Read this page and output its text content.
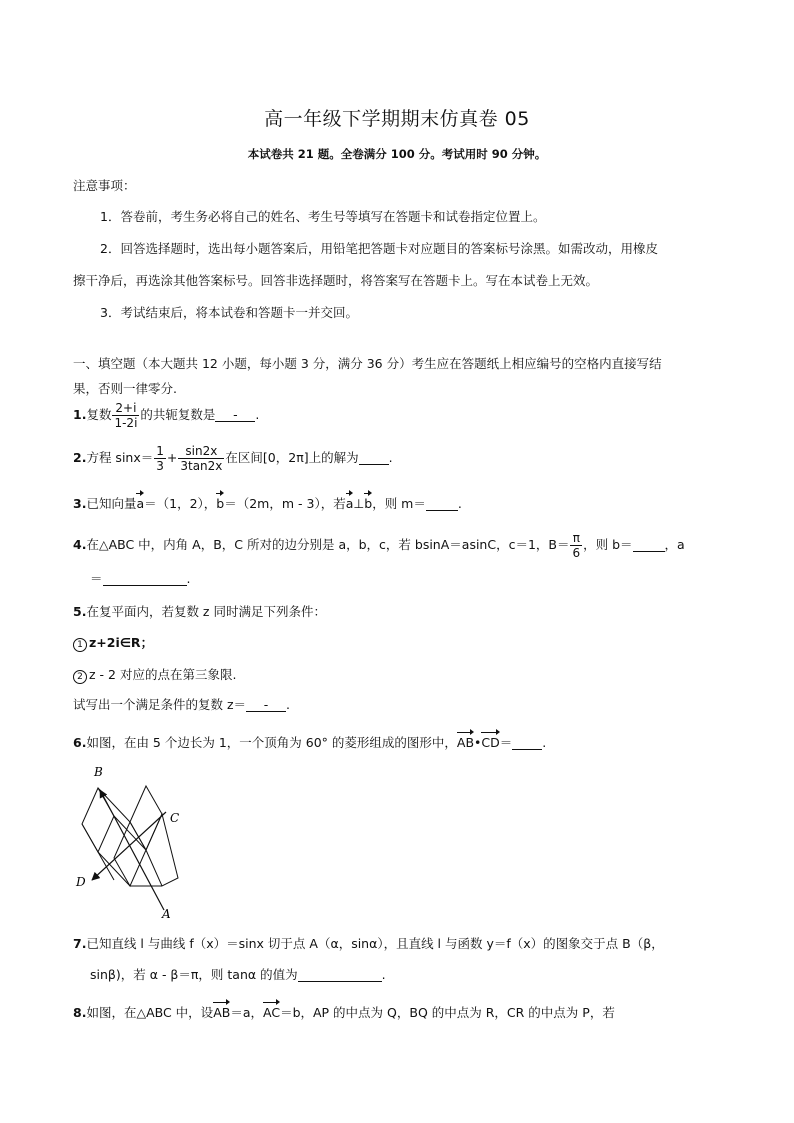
高一年级下学期期末仿真卷 05
本试卷共 21 题。全卷满分 100 分。考试用时 90 分钟。
注意事项：
1．答卷前，考生务必将自己的姓名、考生号等填写在答题卡和试卷指定位置上。
2．回答选择题时，选出每小题答案后，用铅笔把答题卡对应题目的答案标号涂黑。如需改动，用橡皮
擦干净后，再选涂其他答案标号。回答非选择题时，将答案写在答题卡上。写在本试卷上无效。
3．考试结束后，将本试卷和答题卡一并交回。
一、填空题（本大题共 12 小题，每小题 3 分，满分 36 分）考生应在答题纸上相应编号的空格内直接写结
果，否则一律零分.
1.复数 $\frac{2+i}{1-2i}$ 的共轭复数是 - .
2.方程 $\sin x= \frac{1}{3} + \frac{\sin 2x}{3\tan 2x}$ 在区间[0，2π]上的解为 .
3.已知向量a＝（1，2），b＝（2m，m - 3），若a⊥b，则 m＝	.
4.在△ABC 中，内角 A，B，C 所对的边分别是 a，b，c，若 bsinA＝asinC，c＝1，$B= \frac{\pi}{6}$ ，则 b＝	，a
＝	.
5.在复平面内，若复数 z 同时满足下列条件：
1 z+2i∈R；
2 z - 2 对应的点在第三象限.
试写出一个满足条件的复数 z＝ - .
6.如图，在由 5 个边长为 1，一个顶角为 60° 的菱形组成的图形中，AB•CD＝ .
B
C
D
A
7.已知直线 l 与曲线 f（x）＝sinx 切于点 A（α，sinα），且直线 l 与函数 y＝f（x）的图象交于点 B（β，
sinβ)，若 α - β＝π，则 tanα 的值为	.
8.如图，在△ABC 中，设AB＝a，AC＝b，AP 的中点为 Q，BQ 的中点为 R，CR 的中点为 P，若
